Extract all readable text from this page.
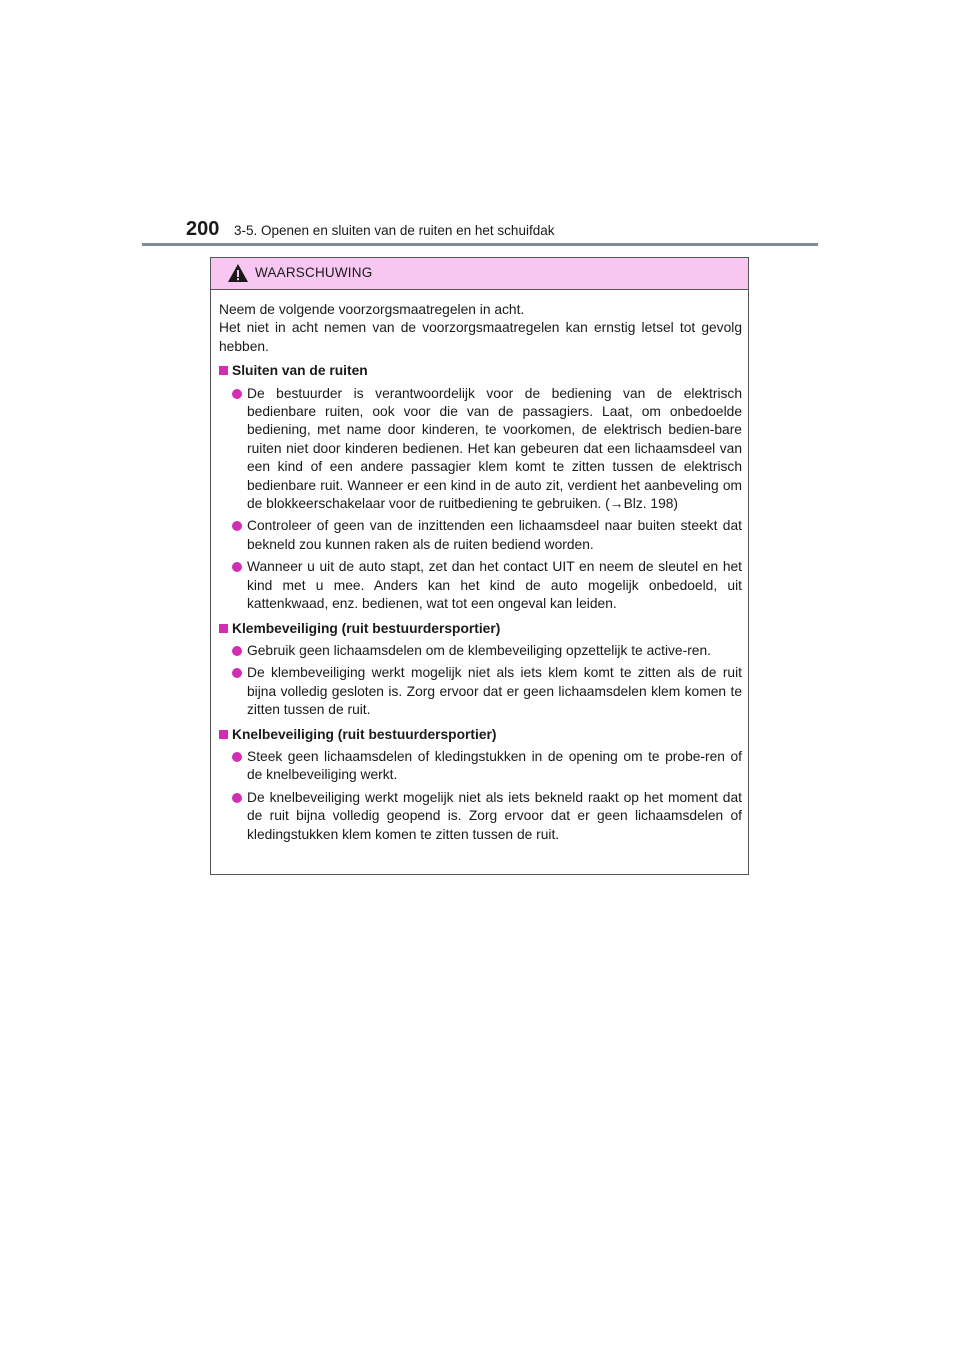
200 3-5. Openen en sluiten van de ruiten en het schuifdak
WAARSCHUWING

Neem de volgende voorzorgsmaatregelen in acht.
Het niet in acht nemen van de voorzorgsmaatregelen kan ernstig letsel tot gevolg hebben.

Sluiten van de ruiten
De bestuurder is verantwoordelijk voor de bediening van de elektrisch bedienbare ruiten, ook voor die van de passagiers. Laat, om onbedoelde bediening, met name door kinderen, te voorkomen, de elektrisch bedien-bare ruiten niet door kinderen bedienen. Het kan gebeuren dat een lichaamsdeel van een kind of een andere passagier klem komt te zitten tussen de elektrisch bedienbare ruit. Wanneer er een kind in de auto zit, verdient het aanbeveling om de blokkeerschakelaar voor de ruitbediening te gebruiken. (→Blz. 198)
Controleer of geen van de inzittenden een lichaamsdeel naar buiten steekt dat bekneld zou kunnen raken als de ruiten bediend worden.
Wanneer u uit de auto stapt, zet dan het contact UIT en neem de sleutel en het kind met u mee. Anders kan het kind de auto mogelijk onbedoeld, uit kattenkwaad, enz. bedienen, wat tot een ongeval kan leiden.
Klembeveiliging (ruit bestuurdersportier)
Gebruik geen lichaamsdelen om de klembeveiliging opzettelijk te active-ren.
De klembeveiliging werkt mogelijk niet als iets klem komt te zitten als de ruit bijna volledig gesloten is. Zorg ervoor dat er geen lichaamsdelen klem komen te zitten tussen de ruit.
Knelbeveiliging (ruit bestuurdersportier)
Steek geen lichaamsdelen of kledingstukken in de opening om te probe-ren of de knelbeveiliging werkt.
De knelbeveiliging werkt mogelijk niet als iets bekneld raakt op het moment dat de ruit bijna volledig geopend is. Zorg ervoor dat er geen lichaamsdelen of kledingstukken klem komen te zitten tussen de ruit.
